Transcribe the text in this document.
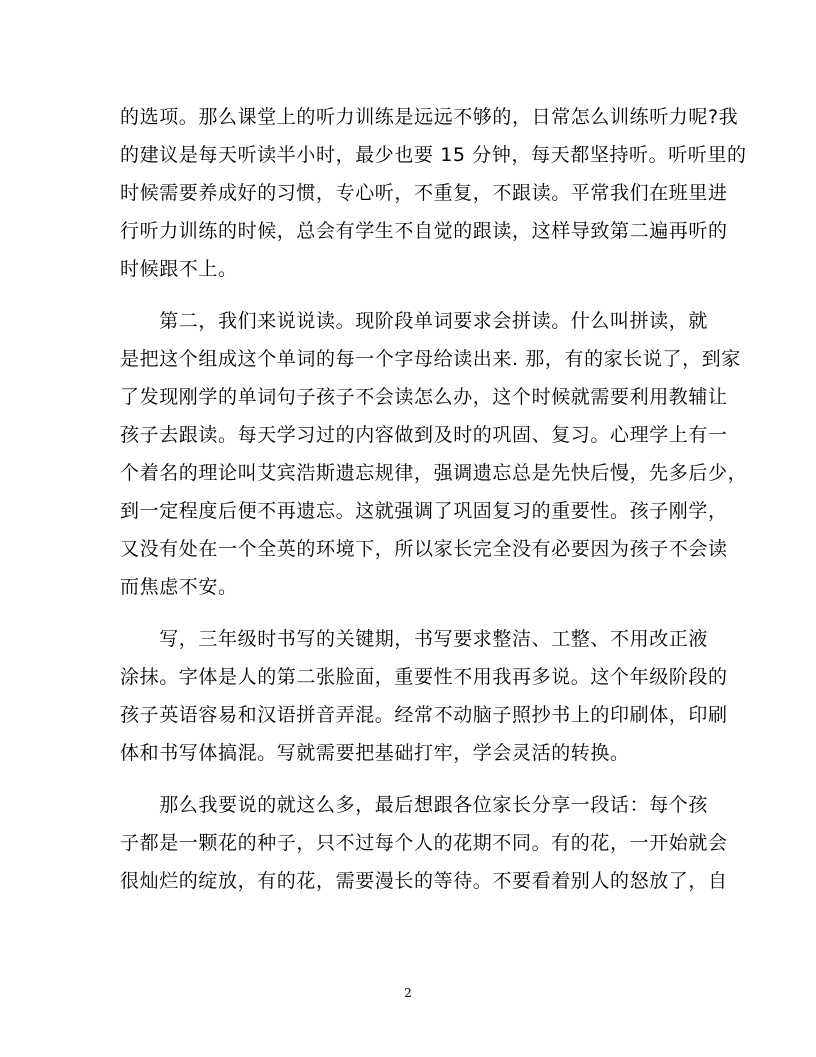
的选项。那么课堂上的听力训练是远远不够的，日常怎么训练听力呢?我
的建议是每天听读半小时，最少也要 15 分钟，每天都坚持听。听听里的
时候需要养成好的习惯，专心听，不重复，不跟读。平常我们在班里进
行听力训练的时候，总会有学生不自觉的跟读，这样导致第二遍再听的
时候跟不上。
　　第二，我们来说说读。现阶段单词要求会拼读。什么叫拼读，就
是把这个组成这个单词的每一个字母给读出来. 那，有的家长说了，到家
了发现刚学的单词句子孩子不会读怎么办，这个时候就需要利用教辅让
孩子去跟读。每天学习过的内容做到及时的巩固、复习。心理学上有一
个着名的理论叫艾宾浩斯遗忘规律，强调遗忘总是先快后慢，先多后少，
到一定程度后便不再遗忘。这就强调了巩固复习的重要性。孩子刚学，
又没有处在一个全英的环境下，所以家长完全没有必要因为孩子不会读
而焦虑不安。
　　写，三年级时书写的关键期，书写要求整洁、工整、不用改正液
涂抹。字体是人的第二张脸面，重要性不用我再多说。这个年级阶段的
孩子英语容易和汉语拼音弄混。经常不动脑子照抄书上的印刷体，印刷
体和书写体搞混。写就需要把基础打牢，学会灵活的转换。
　　那么我要说的就这么多，最后想跟各位家长分享一段话：每个孩
子都是一颗花的种子，只不过每个人的花期不同。有的花，一开始就会
很灿烂的绽放，有的花，需要漫长的等待。不要看着别人的怒放了，自
2
